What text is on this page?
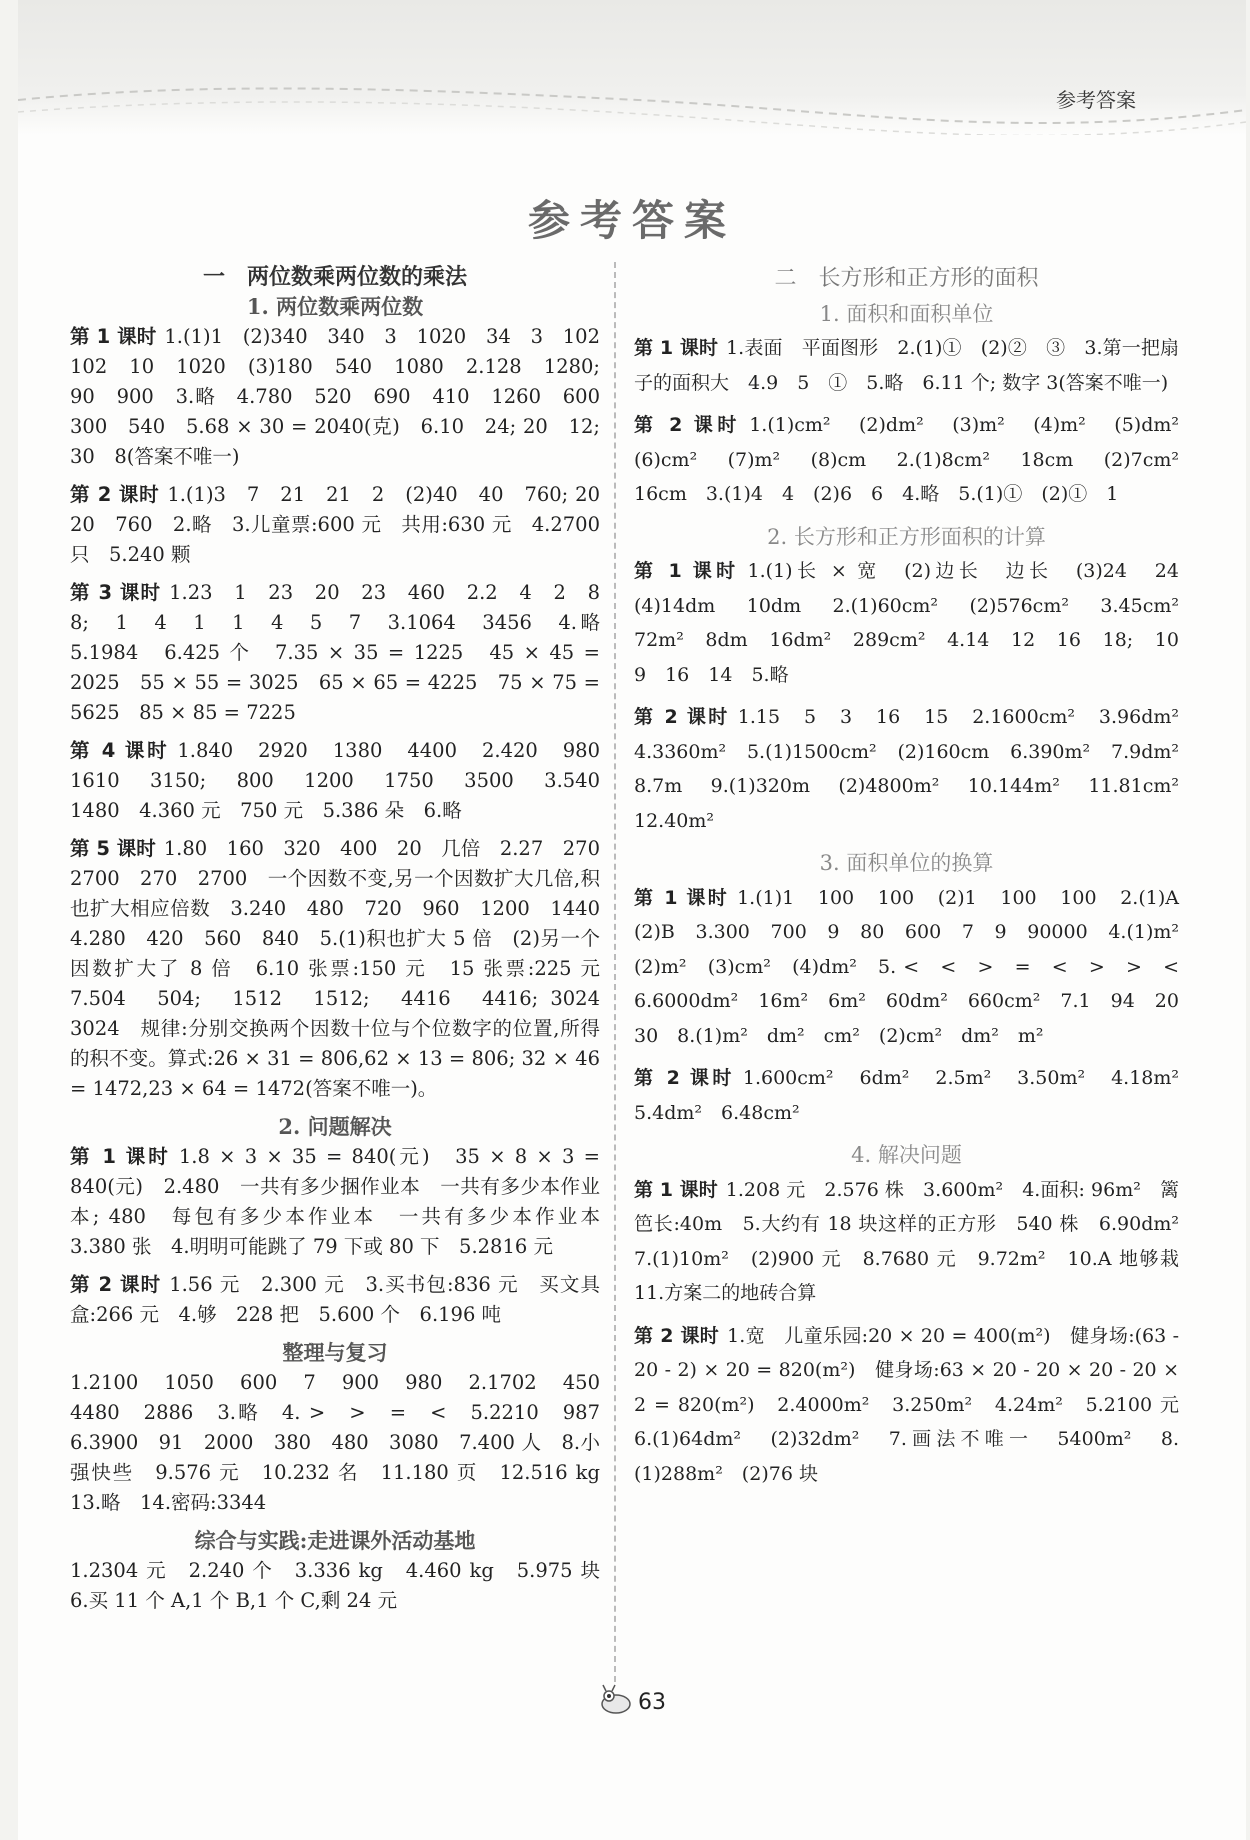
参考答案
参考答案
一　两位数乘两位数的乘法
1. 两位数乘两位数
第 1 课时 1.(1)1　(2)340　340　3　1020　34　3　102　102　10　1020　(3)180　540　1080　2.128　1280; 90　900　3.略　4.780　520　690　410　1260　600　300　540　5.68 × 30 = 2040(克)　6.10　24; 20　12;　30　8(答案不唯一)
第 2 课时 1.(1)3　7　21　21　2　(2)40　40　760; 20　20　760　2.略　3.儿童票:600 元　共用:630 元　4.2700 只　5.240 颗
第 3 课时 1.23　1　23　20　23　460　2.2　4　2　8　8;　1　4　1　1　4　5　7　3.1064　3456　4.略　5.1984　6.425 个　7.35 × 35 = 1225　45 × 45 = 2025　55 × 55 = 3025　65 × 65 = 4225　75 × 75 = 5625　85 × 85 = 7225
第 4 课时 1.840　2920　1380　4400　2.420　980　1610　3150;　800　1200　1750　3500　3.540　1480　4.360 元　750 元　5.386 朵　6.略
第 5 课时 1.80　160　320　400　20　几倍　2.27　270　2700　270　2700　一个因数不变,另一个因数扩大几倍,积也扩大相应倍数　3.240　480　720　960　1200　1440　4.280　420　560　840　5.(1)积也扩大 5 倍　(2)另一个因数扩大了 8 倍　6.10 张票:150 元　15 张票:225 元　7.504　504;　1512　1512;　4416　4416; 3024　3024　规律:分别交换两个因数十位与个位数字的位置,所得的积不变。算式:26 × 31 = 806,62 × 13 = 806; 32 × 46 = 1472,23 × 64 = 1472(答案不唯一)。
2. 问题解决
第 1 课时 1.8 × 3 × 35 = 840(元)　35 × 8 × 3 = 840(元)　2.480　一共有多少捆作业本　一共有多少本作业本; 480　每包有多少本作业本　一共有多少本作业本　3.380 张　4.明明可能跳了 79 下或 80 下　5.2816 元
第 2 课时 1.56 元　2.300 元　3.买书包:836 元　买文具盒:266 元　4.够　228 把　5.600 个　6.196 吨
整理与复习
1.2100　1050　600　7　900　980　2.1702　450　4480　2886　3.略　4. >　>　=　<　5.2210　987　6.3900　91　2000　380　480　3080　7.400 人　8.小强快些　9.576 元　10.232 名　11.180 页　12.516 kg　13.略　14.密码:3344
综合与实践:走进课外活动基地
1.2304 元　2.240 个　3.336 kg　4.460 kg　5.975 块　6.买 11 个 A,1 个 B,1 个 C,剩 24 元
二　长方形和正方形的面积
1. 面积和面积单位
第 1 课时 1.表面　平面图形　2.(1)①　(2)②　③　3.第一把扇子的面积大　4.9　5　①　5.略　6.11 个; 数字 3(答案不唯一)
第 2 课时 1.(1)cm²　(2)dm²　(3)m²　(4)m²　(5)dm²　(6)cm²　(7)m²　(8)cm　2.(1)8cm²　18cm　(2)7cm²　16cm　3.(1)4　4　(2)6　6　4.略　5.(1)①　(2)①　1
2. 长方形和正方形面积的计算
第 1 课时 1.(1)长 × 宽　(2)边长　边长　(3)24　24　(4)14dm　10dm　2.(1)60cm²　(2)576cm²　3.45cm²　72m²　8dm　16dm²　289cm²　4.14　12　16　18;　10　9　16　14　5.略
第 2 课时 1.15　5　3　16　15　2.1600cm²　3.96dm²　4.3360m²　5.(1)1500cm²　(2)160cm　6.390m²　7.9dm²　8.7m　9.(1)320m　(2)4800m²　10.144m²　11.81cm²　12.40m²
3. 面积单位的换算
第 1 课时 1.(1)1　100　100　(2)1　100　100　2.(1)A　(2)B　3.300　700　9　80　600　7　9　90000　4.(1)m²　(2)m²　(3)cm²　(4)dm²　5. <　<　>　=　<　>　>　<　6.6000dm²　16m²　6m²　60dm²　660cm²　7.1　94　20　30　8.(1)m²　dm²　cm²　(2)cm²　dm²　m²
第 2 课时 1.600cm²　6dm²　2.5m²　3.50m²　4.18m²　5.4dm²　6.48cm²
4. 解决问题
第 1 课时 1.208 元　2.576 株　3.600m²　4.面积: 96m²　篱笆长:40m　5.大约有 18 块这样的正方形　540 株　6.90dm²　7.(1)10m²　(2)900 元　8.7680 元　9.72m²　10.A 地够栽　11.方案二的地砖合算
第 2 课时 1.宽　儿童乐园:20 × 20 = 400(m²)　健身场:(63 - 20 - 2) × 20 = 820(m²)　健身场:63 × 20 - 20 × 20 - 20 × 2 = 820(m²)　2.4000m²　3.250m²　4.24m²　5.2100 元　6.(1)64dm²　(2)32dm²　7.画法不唯一　5400m²　8.(1)288m²　(2)76 块
63
